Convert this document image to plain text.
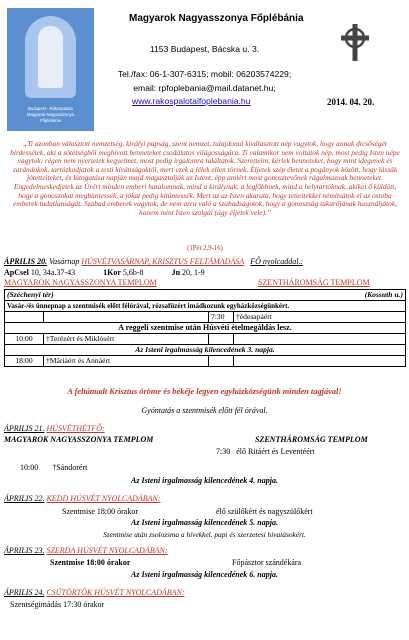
Budapest - Rákospalota
Magyarok Nagyasszonya
Főplébánia
Magyarok Nagyasszonya Főplébánia
1153 Budapest, Bácska u. 3.
Tel./fax: 06-1-307-6315; mobil: 06203574229;
email: rpfoplebania@mail.datanet.hu;
www.rakospalotaifoplebania.hu	2014. 04. 20.
„Ti azonban választott nemzetség, királyi papság, szent nemzet, tulajdonul kiválasztott nép vagytok, hogy annak dicsőségét hirdessétek, aki a sötétségből meghívott benneteket csodálatos világosságára. Ti valamikor nem voltatok nép, most pedig Isten népe vagytok; régen nem nyertetek kegyelmet, most pedig irgalomra találtatok. Szeretteim, kérlek benneteket, hogy mint idegenek és zarándokok, tartózkodjatok a testi kívánságoktól, mert ezek a lélek ellen törnek. Éljetek szép életet a pogányok között, hogy lássák jótetteiteket, és látogatása napján majd magasztalják az Istent, épp amiért most gonosztevőnek rágalmaznak benneteket. Engedelmeskedjetek az Úrért minden emberi hatalomnak, mind a királynak, a legfőbbnek, mind a helytartóknak, akiket ő küldött, hogy a gonoszokat megbüntessék, a jókat pedig kitüntessék. Mert az az Isten akarata, hogy tetteitekkel némítsátok el az ostoba emberek tudatlanságát. Szabad emberek vagytok, de nem arra való a szabadságotok, hogy a gonoszság takarójának használjátok, hanem mint Isten szolgái (úgy éljetek vele).”
(1Pét 2,9-16)
ÁPRILIS 20. Vasárnap HÚSVÉTVASÁRNAP, KRISZTUS FELTÁMADÁSA FŐ nyolcaddal.:
ApCsel 10, 34a.37-43	1Kor 5,6b-8	Jn 20, 1-9
MAGYAROK NAGYASSZONYA TEMPLOM	SZENTHÁROMSÁG TEMPLOM
(Széchenyi tér)		(Kossuth u.)	
Vasár-/és ünnepnap a szentmisék előtt félórával, rózsafüzért imádkozunk egyházközségünkért.			
		7:30	†édesapáért
A reggeli szentmise után Húsvéti ételmegáldás lesz.			
10:00	†Terézért és Miklósért		
Az Isteni irgalmasság kilencedének 3. napja.			
18:00	†Máriáért és Annáért		
A feltámadt Krisztus öröme és békéje legyen egyházközségünk minden tagjával!
Gyóntatás a szentmisék előtt fél órával.
ÁPRILIS 21. HÚSVÉTHÉTFŐ:
MAGYAROK NAGYASSZONYA TEMPLOM	SZENTHÁROMSÁG TEMPLOM
7:30 élő Ritáért és Leventéért
10:00 †Sándorért
Az Isteni irgalmasság kilencedének 4. napja.
ÁPRILIS 22. KEDD HÚSVÉT NYOLCADÁBAN:
Szentmise 18:00 órakor	élő szülőkért és nagyszülőkért
Az Isteni irgalmasság kilencedének 5. napja.
Szentmise után zsolozsma a hívekkel. papi és szerzetesi hivatásokért.
ÁPRILIS 23. SZERDA HÚSVÉT NYOLCADÁBAN:
Szentmise 18:00 órakor	Főpásztor szándékára
Az Isteni irgalmasság kilencedének 6. napja.
ÁPRILIS 24. CSÜTÖRTÖK HÚSVÉT NYOLCADÁBAN:
Szentségimádás 17:30 órakor
